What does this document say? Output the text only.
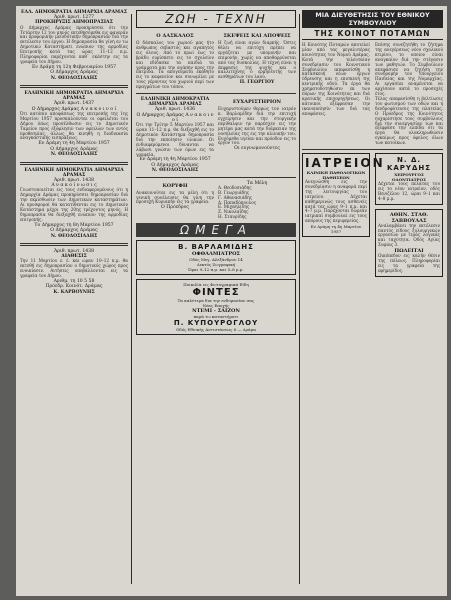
ΕΛΛ. ΔΗΜΟΚΡΑΤΙΑ ΔΗΜΑΡΧΙΑ ΔΡΑΜΑΣ
Άριθ. πρωτ. 1277
ΠΡΟΚΗΡΥΞΙΣ ΔΗΜΟΠΡΑΣΙΑΣ
Ο Δήμαρχος Δράμας προκηρύσσει ότι την Τετάρτην 12 του μηνός εκτεθησόμεθα εις φανεράν και προφορικήν μειοδοτικήν δημοπρασίαν διά την εκτέλεσιν του έργου. Η δημοπρασία θα γίνη εν τω Δημοτικώ Καταστήματι ενώπιον της αρμοδίας Επιτροπής κατά τας ώρας 11–12 π.μ. Πληροφορίαι παρέχονται καθ᾽ εκάστην εις τα γραφεία του Δήμου.
Εν Δράμη τη 12η Φεβρουαρίου 1957
Ο Δήμαρχος Δράμας
Ν. ΘΕΟΔΟΣΙΑΔΗΣ
ΕΛΛΗΝΙΚΗ ΔΗΜΟΚΡΑΤΙΑ ΔΗΜΑΡΧΙΑ ΔΡΑΜΑΣ
Άριθ. πρωτ. 1437
Ο Δήμαρχος Δράμας Α ν α κ ο ι ν ο ί
Ότι κατόπιν αποφάσεως της επιτροπής της 1ης Μαρτίου 1957 προσκαλούνται οι οφειλέται του Δήμου όπως προσέλθωσιν εις το Δημοτικόν Ταμείον προς εξόφλησιν των οφειλών των εντός προθεσμίας, άλλως θα κινηθή η διαδικασία αναγκαστικής εισπράξεως.
Εν Δράμη τη 4η Μαρτίου 1957
Ο Δήμαρχος Δράμας
Ν. ΘΕΟΔΟΣΙΑΔΗΣ
ΕΛΛΗΝΙΚΗ ΔΗΜΟΚΡΑΤΙΑ ΔΗΜΑΡΧΙΑ ΔΡΑΜΑΣ
Άριθ. πρωτ. 1438
Α ν α κ ο ί ν ω σ ι ς
Γνωστοποιείται εις τους ενδιαφερομένους ότι η Δημαρχία Δράμας προκηρύσσει δημοπρασίαν διά την εκμίσθωσιν των Δημοτικών καταστημάτων. Αι προσφοραί θα κατατίθενται εις το Δημοτικόν Κατάστημα μέχρι της 20ης τρέχοντος μηνός. Η δημοπρασία θα διεξαχθή ενώπιον της αρμοδίας επιτροπής.
Το Δήμαρχος τη 8η Μαρτίου 1957
Ο Δήμαρχος Δράμας
Ν. ΘΕΟΔΟΣΙΑΔΗΣ
Άριθ. πρωτ. 1438
ΔΙΑΘΕΣΙΣ
Την 11 Μαρτίου ε. έ. και ώραν 10–12 π.μ. θα εκτεθή εις δημοπρασίαν ο δημοτικός χώρος προς ενοικίασιν. Αιτήσεις υποβάλλονται εις τα γραφεία του Δήμου.
Αριθμ. τη 10 5 58
Πρόεδρ. Κοινότ. Δράμας
Κ. ΚΑΡΒΟΥΝΗΣ
ΖΩΗ - ΤΕΧΝΗ
Ο ΔΑΣΚΑΛΟΣ
Ο δάσκαλος του χωριού μας ήτο άνθρωπος σεβαστός και αγαπητός εις όλους. Από το πρωί έως το βράδυ ευρίσκετο εις το σχολείον και εδίδασκε τα παιδιά τα γράμματα και την αγάπην προς την πατρίδα. Τα απογεύματα εκάθητο εις το καφενείον και συνωμίλει με τους γέροντας του χωριού περί των πραγμάτων του τόπου.
ΣΚΕΨΕΙΣ ΚΑΙ ΑΠΟΨΕΙΣ
Η ζωή είναι αγών διαρκής. Όστις θέλει να επιτύχη πρέπει να εργάζεται με υπομονήν και επιμονήν, χωρίς να αποθαρρύνεται από τας δυσκολίας. Η τέχνη είναι η έκφρασις της ψυχής και ο καλλιτέχνης ο ερμηνευτής των αισθημάτων του λαού.
Π. ΓΕΩΡΓΙΟΥ
ΕΛΛΗΝΙΚΗ ΔΗΜΟΚΡΑΤΙΑ ΔΗΜΑΡΧΙΑ ΔΡΑΜΑΣ
Άριθ. πρωτ. 1436
Ο Δήμαρχος Δράμας Α ν α κ ο ι ν ο ί
Ότι την Τρίτην 5 Μαρτίου 1957 και ώραν 11–12 π.μ. θα διεξαχθή εις το Δημοτικόν Κατάστημα δημοπρασία διά την εκποίησιν υλικών. Οι ενδιαφερόμενοι δύνανται να λάβωσι γνώσιν των όρων εις τα γραφεία.
Εν Δράμη τη 4η Μαρτίου 1957
Ο Δήμαρχος Δράμας
Ν. ΘΕΟΔΟΣΙΑΔΗΣ
ΕΥΧΑΡΙΣΤΗΡΙΟΝ
Ευχαριστούμεν θερμώς τον ιατρόν κ. Βαρλαμίδην διά την επιτυχή εγχείρησιν και την στοργικήν περίθαλψιν ην παρέσχεν εις την μητέρα μας κατά την διάρκειαν της νοσηλείας της εις την κλινικήν του. Ευχόμεθα υγείαν και πρόοδον εις το έργον του.
Οι ευγνωμονούντες
ΚΟΡΥΦΗ
Ανακοινούται εις τα μέλη ότι η γενική συνέλευσις θα γίνη την προσεχή Κυριακήν εις τα γραφεία.
Ο Πρόεδρος
Τα Μέλη
Α. Θεοδοσιάδης
Β. Γεωργιάδης
Γ. Αθανασιάδης
Δ. Παπαδόπουλος
Ε. Μιχαηλίδης
Ζ. Νικολαΐδης
Η. Σταυρίδης
ΩΜΕΓΑ
Β. ΒΑΡΛΑΜΙΔΗΣ
ΟΦΘΑΛΜΙΑΤΡΟΣ
Οδός Μεγ. Αλεξάνδρου 14
Δεκτός Ζωγραφική
Ώραι 9–12 π.μ. και 5–8 μ.μ.
Ποικιλία εις Φωτογραφικά Είδη
ΦΙΝΤΕΣ
Τα καλύτερα δια την ενδυμασίαν σας
Νέας Εποχής
ΝΤΕΜΙ - ΣΑΙΖΟΝ
παρά τω καταστήματι
Π. ΚΥΠΟΥΡΟΓΛΟΥ
Οδός Εθνικής Αντιστάσεως 8 — Δράμα
ΜΙΑ ΔΙΕΥΘΕΤΗΣΙΣ ΤΟΥ ΕΘΝΙΚΟΥ ΣΥΜΒΟΥΛΙΟΥ
ΤΗΣ ΚΟΙΝΟΤ ΠΟΤΑΜΩΝ
Η Κοινότης Ποταμών αποτελεί μίαν από τας μεγαλυτέρας κοινότητας του Νομού Δράμας. Κατά την τελευταίαν συνεδρίασιν του Κοινοτικού Συμβουλίου απεφασίσθη η κατασκευή νέων έργων ύδρευσης και η επισκευή της κεντρικής οδού. Τα έργα θα χρηματοδοτηθώσιν εκ των πόρων της Κοινότητος και διά κρατικής επιχορηγήσεως. Οι κάτοικοι εξέφρασαν την ικανοποίησίν των διά τας αποφάσεις.
Επίσης συνεζητήθη το ζήτημα της ανεγέρσεως νέου σχολικού κτιρίου, το οποίον είναι αναγκαίον διά την στέγασιν των μαθητών. Το Συμβούλιον απεφάσισε να ζητήση την συνδρομήν του Υπουργείου Παιδείας και της Νομαρχίας. Αι εργασίαι αναμένεται να αρχίσουν κατά το προσεχές έτος.
Τέλος απεφασίσθη η βελτίωσις του φωτισμού των οδών και η δενδροφύτευσις της πλατείας. Ο Πρόεδρος της Κοινότητος ηυχαρίστησε τους συμβούλους διά την συνεργασίαν των και εξέφρασε την ελπίδα ότι τα έργα θα ολοκληρωθώσιν εγκαίρως προς όφελος όλων των κατοίκων.
ΙΑΤΡΕΙΟΝ
ΚΛΙΝΙΚΗ ΠΑΘΟΛΟΓΙΚΩΝ ΠΑΘΗΣΕΩΝ
Ανεγνώσθη εις την συνεδρίασιν η αναφορά περί της λειτουργίας του ιατρείου. Δέχεται καθημερινώς τους ασθενείς κατά τας ώρας 9–1 π.μ. και 4–7 μ.μ. Παρέχονται δωρεάν ιατρικαί συμβουλαί εις τους απόρους της περιφερείας.
Εν Δράμη τη 4η Μαρτίου 1957
Ν. Δ. ΚΑΡΥΔΗΣ
ΧΕΙΡΟΥΡΓΟΣ ΟΔΟΝΤΙΑΤΡΟΣ
Δέχεται τους πελάτας του εις το νέον ιατρείον, οδός Βενιζέλου 12, ώραι 9–1 και 4–8 μ.μ.
ΑΘΗΝ. ΣΤΑΘ. ΣΑΒΒΟΥΛΑΣ
Αναλαμβάνει την εκτέλεσιν παντός είδους ξυλουργικών εργασιών με τιμάς λογικάς και ταχύτητα. Οδός Αγίας Σοφίας 3.
ΠΩΛΕΙΤΑΙ
Οικόπεδον εις καλήν θέσιν της πόλεως. Πληροφορίαι εις τα γραφεία της εφημερίδος.
